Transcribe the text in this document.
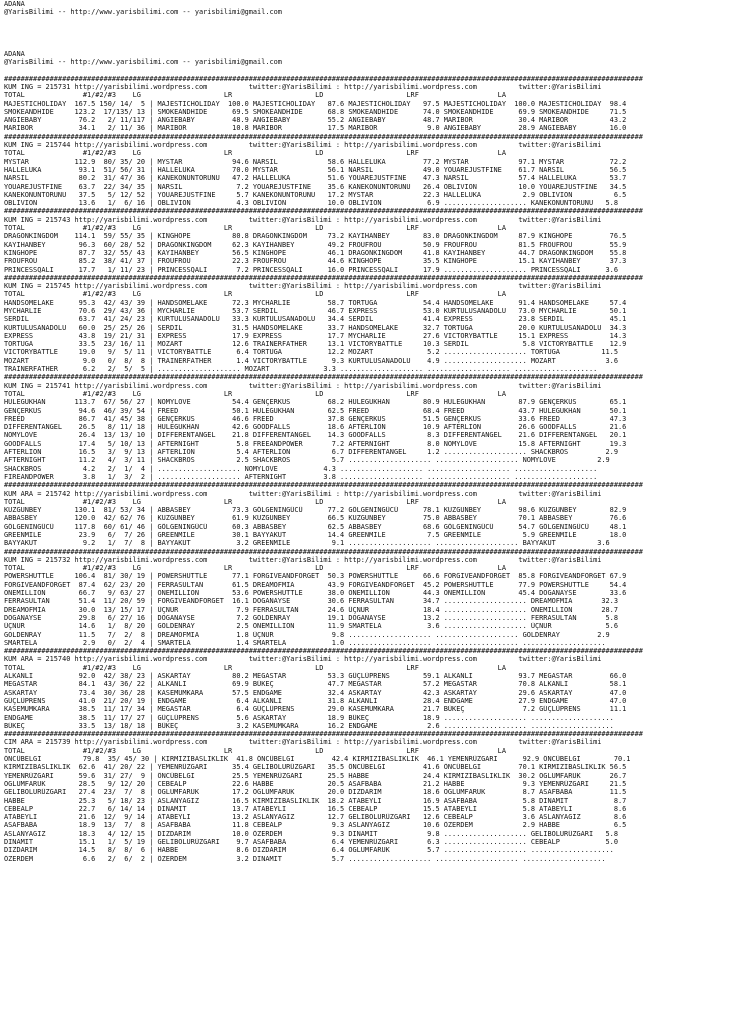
ADANA
@YarisBilimi -- http://www.yarisbilimi.com -- yarisbilimi@gmail.com
ADANA
@YarisBilimi -- http://www.yarisbilimi.com -- yarisbilimi@gmail.com
##########################################################################################################################################################
KUM ING = 215731 http://yarisbilimi.wordpress.com          twitter:@YarisBilimi : http://yarisbilimi.wordpress.com          twitter:@YarisBilimi
TOTAL              #1/#2/#3    LG                    LR                    LD                    LRF                   LA
MAJESTICHOLIDAY  167.5 150/ 14/  5 | MAJESTICHOLIDAY  100.0 MAJESTICHOLIDAY   87.6 MAJESTICHOLIDAY   97.5 MAJESTICHOLIDAY  100.0 MAJESTICHOLIDAY  98.4
SMOKEANDHIDE     123.2  17/135/ 13 | SMOKEANDHIDE      69.5 SMOKEANDHIDE      68.8 SMOKEANDHIDE      74.0 SMOKEANDHIDE      69.9 SMOKEANDHIDE     71.5
ANGIEBABY         76.2   2/ 11/117 | ANGIEBABY         48.9 ANGIEBABY         55.2 ANGIEBABY         48.7 MARIBOR           30.4 MARIBOR          43.2
MARIBOR           34.1   2/ 11/ 36 | MARIBOR           10.8 MARIBOR           17.5 MARIBOR            9.0 ANGIEBABY         28.9 ANGIEBABY        16.0
##########################################################################################################################################################
KUM ING = 215744 http://yarisbilimi.wordpress.com          twitter:@YarisBilimi : http://yarisbilimi.wordpress.com          twitter:@YarisBilimi
TOTAL              #1/#2/#3    LG                    LR                    LD                    LRF                   LA
MYSTAR           112.9  80/ 35/ 20 | MYSTAR            94.6 NARSIL            58.6 HALLELUKA         77.2 MYSTAR            97.1 MYSTAR           72.2
HALLELUKA         93.1  51/ 56/ 31 | HALLELUKA         70.0 MYSTAR            56.1 NARSIL            49.0 YOUAREJUSTFINE    61.7 NARSIL           56.5
NARSIL            80.2  31/ 47/ 36 | KANEKONUNTORUNU   47.2 HALLELUKA         51.6 YOUAREJUSTFINE    47.3 NARSIL            57.4 HALLELUKA        53.7
YOUAREJUSTFINE    63.7  22/ 34/ 35 | NARSIL             7.2 YOUAREJUSTFINE    35.6 KANEKONUNTORUNU   26.4 OBLIVION          10.0 YOUAREJUSTFINE   34.5
KANEKONUNTORUNU   37.5   5/ 12/ 52 | YOUAREJUSTFINE     5.7 KANEKONUNTORUNU   17.2 MYSTAR            22.3 HALLELUKA          2.9 OBLIVION          6.5
OBLIVION          13.6   1/  6/ 16 | OBLIVION           4.3 OBLIVION          10.0 OBLIVION           6.9 .................... KANEKONUNTORUNU   5.8
##########################################################################################################################################################
KUM ING = 215743 http://yarisbilimi.wordpress.com          twitter:@YarisBilimi : http://yarisbilimi.wordpress.com          twitter:@YarisBilimi
TOTAL              #1/#2/#3    LG                    LR                    LD                    LRF                   LA
DRAGONKINGDOM    114.1  59/ 55/ 35 | KINGHOPE          80.8 DRAGONKINGDOM     73.2 KAYIHANBEY        83.0 DRAGONKINGDOM     87.9 KINGHOPE         76.5
KAYIHANBEY        96.3  60/ 28/ 52 | DRAGONKINGDOM     62.3 KAYIHANBEY        49.2 FROUFROU          50.9 FROUFROU          81.5 FROUFROU         55.9
KINGHOPE          87.7  32/ 55/ 43 | KAYIHANBEY        56.5 KINGHOPE          46.1 DRAGONKINGDOM     41.8 KAYIHANBEY        44.7 DRAGONKINGDOM    55.8
FROUFROU          85.2  38/ 41/ 37 | FROUFROU          22.3 FROUFROU          44.6 KINGHOPE          35.5 KINGHOPE          15.1 KAYIHANBEY       37.3
PRINCESSQALI      17.7   1/ 11/ 23 | PRINCESSQALI       7.2 PRINCESSQALI      16.0 PRINCESSQALI      17.9 .................... PRINCESSQALI      3.6
##########################################################################################################################################################
KUM ING = 215745 http://yarisbilimi.wordpress.com          twitter:@YarisBilimi : http://yarisbilimi.wordpress.com          twitter:@YarisBilimi
TOTAL              #1/#2/#3    LG                    LR                    LD                    LRF                   LA
HANDSOMELAKE      95.3  42/ 43/ 39 | HANDSOMELAKE      72.3 MYCHARLIE         58.7 TORTUGA           54.4 HANDSOMELAKE      91.4 HANDSOMELAKE     57.4
MYCHARLIE         70.6  29/ 43/ 36 | MYCHARLIE         53.7 SERDIL            46.7 EXPRESS           53.0 KURTULUSANADOLU   73.0 MYCHARLIE        50.1
SERDIL            63.7  41/ 24/ 23 | KURTULUSANADOLU   33.3 KURTULUSANADOLU   34.4 SERDIL            41.4 EXPRESS           23.8 SERDIL           45.1
KURTULUSANADOLU   60.0  25/ 25/ 26 | SERDIL            31.5 HANDSOMELAKE      33.7 HANDSOMELAKE      32.7 TORTUGA           20.0 KURTULUSANADOLU  34.3
EXPRESS           43.8  19/ 21/ 31 | EXPRESS           17.9 EXPRESS           17.7 MYCHARLIE         27.6 VICTORYBATTLE     15.1 EXPRESS          14.3
TORTUGA           33.5  23/ 16/ 11 | MOZART            12.6 TRAINERFATHER     13.1 VICTORYBATTLE     10.3 SERDIL             5.8 VICTORYBATTLE    12.9
VICTORYBATTLE     19.0   9/  5/ 11 | VICTORYBATTLE      6.4 TORTUGA           12.2 MOZART             5.2 .................... TORTUGA          11.5
MOZART             9.0   0/  8/  8 | TRAINERFATHER      1.4 VICTORYBATTLE      9.3 KURTULUSANADOLU    4.9 .................... MOZART            3.6
TRAINERFATHER      6.2   2/  5/  5 | .................... MOZART             3.3 .................... .................... ....................
##########################################################################################################################################################
KUM ING = 215741 http://yarisbilimi.wordpress.com          twitter:@YarisBilimi : http://yarisbilimi.wordpress.com          twitter:@YarisBilimi
TOTAL              #1/#2/#3    LG                    LR                    LD                    LRF                   LA
HULEGUKHAN       113.7  67/ 56/ 27 | NOMYLOVE          54.4 GENÇERKUS         68.2 HULEGUKHAN        80.9 HULEGUKHAN        87.9 GENÇERKUS        65.1
GENÇERKUS         94.6  46/ 39/ 54 | FREED             50.1 HULEGUKHAN        62.5 FREED             68.4 FREED             43.7 HULEGUKHAN       50.1
FREED             86.7  41/ 45/ 38 | GENÇERKUS         46.6 FREED             37.8 GENÇERKUS         51.5 GENÇERKUS         33.6 FREED            47.3
DIFFERENTANGEL    26.5   8/ 11/ 18 | HULEGUKHAN        42.6 GOODFALLS         18.6 AFTERLION         10.9 AFTERLION         26.6 GOODFALLS        21.6
NOMYLOVE          26.4  13/ 13/ 10 | DIFFERENTANGEL    21.8 DIFFERENTANGEL    14.3 GOODFALLS          8.3 DIFFERENTANGEL    21.6 DIFFERENTANGEL   20.1
GOODFALLS         17.4   5/ 10/ 13 | AFTERNIGHT         5.8 FREEANDPOWER       7.2 AFTERNIGHT         8.0 NOMYLOVE          15.8 AFTERNIGHT       19.3
AFTERLION         16.5   3/  9/ 13 | AFTERLION          5.4 AFTERLION          6.7 DIFFERENTANGEL     1.2 .................... SHACKBROS         2.9
AFTERNIGHT        11.2   4/  3/ 11 | SHACKBROS          2.5 SHACKBROS          5.7 .................... .................... NOMYLOVE          2.9
SHACKBROS          4.2   2/  1/  4 | .................... NOMYLOVE           4.3 .................... .................... ....................
FIREANDPOWER       3.8   1/  3/  2 | .................... AFTERNIGHT         3.8 .................... .................... ....................
##########################################################################################################################################################
KUM ARA = 215742 http://yarisbilimi.wordpress.com          twitter:@YarisBilimi : http://yarisbilimi.wordpress.com          twitter:@YarisBilimi
TOTAL              #1/#2/#3    LG                    LR                    LD                    LRF                   LA
KUZGUNBEY        130.1  81/ 53/ 34 | ABBASBEY          73.3 GÖLGENINGÜCÜ      77.2 GÖLGENINGÜCÜ      78.1 KUZGUNBEY         98.6 KUZGUNBEY        82.9
ABBASBEY         120.0  42/ 62/ 76 | KUZGUNBEY         61.9 KUZGUNBEY         66.5 KUZGUNBEY         75.0 ABBASBEY          70.1 ABBASBEY         76.6
GÖLGENINGÜCÜ     117.8  60/ 61/ 46 | GÖLGENINGÜCÜ      60.3 ABBASBEY          62.5 ABBASBEY          68.6 GÖLGENINGÜCÜ      54.7 GÖLGENINGÜCÜ     48.1
GREENMILE         23.9   6/  7/ 26 | GREENMILE         30.1 BAYYAKUT          14.4 GREENMILE          7.5 GREENMILE          5.9 GREENMILE        18.0
BAYYAKUT           9.2   1/  7/  8 | BAYYAKUT           3.2 GREENMILE          9.1 .................... .................... BAYYAKUT          3.6
##########################################################################################################################################################
KUM ING = 215732 http://yarisbilimi.wordpress.com          twitter:@YarisBilimi : http://yarisbilimi.wordpress.com          twitter:@YarisBilimi
TOTAL              #1/#2/#3    LG                    LR                    LD                    LRF                   LA
POWERSHUTTLE     106.4  81/ 30/ 19 | POWERSHUTTLE      77.1 FORGIVEANDFORGET  50.3 POWERSHUTTLE      66.6 FORGIVEANDFORGET  85.8 FORGIVEANDFORGET 67.9
FORGIVEANDFORGET  87.4  62/ 23/ 20 | FERRASULTAN       61.5 DREAMOFMIA        43.9 FORGIVEANDFORGET  45.2 POWERSHUTTLE      77.9 POWERSHUTTLE     54.4
ONEMILLION        66.7   9/ 63/ 27 | ONEMILLION        53.6 POWERSHUTTLE      38.0 ONEMILLION        44.3 ONEMILLION        45.4 DOGANAYSE        33.6
FERRASULTAN       51.4  11/ 20/ 59 | FORGIVEANDFORGET  16.1 DOGANAYSE         30.6 FERRASULTAN       34.7 .................... DREAMOFMIA       32.3
DREAMOFMIA        30.0  13/ 15/ 17 | ÜÇNUR              7.9 FERRASULTAN       24.6 ÜÇNUR             18.4 .................... ONEMILLION       28.7
DOGANAYSE         29.8   6/ 27/ 16 | DOGANAYSE          7.2 GOLDENRAY         19.1 DOGANAYSE         13.2 .................... FERRASULTAN       5.8
ÜÇNUR             14.6   1/  8/ 20 | GOLDENRAY          2.5 ONEMILLION        11.9 SMARTELA           3.6 .................... ÜÇNUR             5.6
GOLDENRAY         11.5   7/  2/  8 | DREAMOFMIA         1.8 ÜÇNUR              9.8 .................... .................... GOLDENRAY         2.9
SMARTELA           2.9   0/  2/  4 | SMARTELA           1.4 SMARTELA           1.0 .................... .................... ....................
##########################################################################################################################################################
KUM ARA = 215740 http://yarisbilimi.wordpress.com          twitter:@YarisBilimi : http://yarisbilimi.wordpress.com          twitter:@YarisBilimi
TOTAL              #1/#2/#3    LG                    LR                    LD                    LRF                   LA
ALKANLI           92.0  42/ 38/ 23 | ASKARTAY          80.2 MEGASTAR          53.3 GÜÇLÜPRENS        59.1 ALKANLI           93.7 MEGASTAR         66.0
MEGASTAR          84.1  43/ 36/ 22 | ALKANLI           69.9 BÜKEÇ             47.7 MEGASTAR          57.2 MEGASTAR          70.8 ALKANLI          58.1
ASKARTAY          73.4  30/ 36/ 28 | KASEMUMKARA       57.5 ENDGAME           32.4 ASKARTAY          42.3 ASKARTAY          29.6 ASKARTAY         47.0
GÜÇLÜPRENS        41.0  21/ 20/ 19 | ENDGAME            6.4 ALKANLI           31.8 ALKANLI           28.4 ENDGAME           27.9 ENDGAME          47.0
KASEMUMKARA       38.5  11/ 17/ 34 | MEGASTAR           6.4 GÜÇLÜPRENS        29.0 KASEMUMKARA       21.7 BÜKEÇ              7.2 GÜÇLÜPRENS       11.1
ENDGAME           38.5  11/ 17/ 27 | GÜÇLÜPRENS         5.6 ASKARTAY          18.9 BÜKEÇ             18.9 .................... ....................
BÜKEÇ             33.5  13/ 18/ 18 | BÜKEÇ              3.2 KASEMUMKARA       16.2 ENDGAME            2.6 .................... ....................
##########################################################################################################################################################
CIM ARA = 215739 http://yarisbilimi.wordpress.com          twitter:@YarisBilimi : http://yarisbilimi.wordpress.com          twitter:@YarisBilimi
TOTAL              #1/#2/#3    LG                    LR                    LD                    LRF                   LA
ÖNCÜBELGI          79.8  35/ 45/ 30 | KIRMIZIBASLIKLIK  41.8 ÖNCÜBELGI         42.4 KIRMIZIBASLIKLIK  46.1 YEMENRÜZGARI      92.9 ÖNCÜBELGI        70.1
KIRMIZIBASLIKLIK  62.6  41/ 20/ 22 | YEMENRÜZGARI      35.4 GELIBOLURÜZGARI   35.5 ÖNCÜBELGI         41.6 ÖNCÜBELGI         70.1 KIRMIZIBASLIKLIK 56.5
YEMENRÜZGARI      59.6  31/ 27/  9 | ÖNCÜBELGI         25.5 YEMENRÜZGARI      25.5 HABBE             24.4 KIRMIZIBASLIKLIK  30.2 OGLUMFARUK       26.7
OGLUMFARUK        28.5   9/ 12/ 20 | CEBEALP           22.6 HABBE             20.5 ASAFBABA          21.2 HABBE              9.3 YEMENRÜZGARI     21.5
GELIBOLURÜZGARI   27.4  23/  7/  8 | OGLUMFARUK        17.2 OGLUMFARUK        20.0 DIZDARIM          18.6 OGLUMFARUK         8.7 ASAFBABA         11.5
HABBE             25.3   5/ 18/ 23 | ASLANYAGIZ        16.5 KIRMIZIBASLIKLIK  18.2 ATABEYLI          16.9 ASAFBABA           5.8 DINAMIT           8.7
CEBEALP           22.7   6/ 14/ 14 | DINAMIT           13.7 ATABEYLI          16.5 CEBEALP           15.5 ATABEYLI           5.8 ATABEYLI          8.6
ATABEYLI          21.6  12/  9/ 14 | ATABEYLI          13.2 ASLANYAGIZ        12.7 GELIBOLURÜZGARI   12.6 CEBEALP            3.6 ASLANYAGIZ        8.6
ASAFBABA          18.9  13/  7/  8 | ASAFBABA          11.8 CEBEALP            9.3 ASLANYAGIZ        10.6 ÖZERDEM            2.9 HABBE             6.5
ASLANYAGIZ        18.3   4/ 12/ 15 | DIZDARIM          10.0 ÖZERDEM            9.3 DINAMIT            9.8 .................... GELIBOLURÜZGARI   5.8
DINAMIT           15.1   1/  5/ 19 | GELIBOLURÜZGARI    9.7 ASAFBABA           6.4 YEMENRÜZGARI       6.3 .................... CEBEALP           5.0
DIZDARIM          14.5   8/  8/  6 | HABBE              8.6 DIZDARIM           6.4 OGLUMFARUK         5.7 .................... ....................
ÖZERDEM            6.6   2/  6/  2 | ÖZERDEM            3.2 DINAMIT            5.7 .................... .................... ....................
